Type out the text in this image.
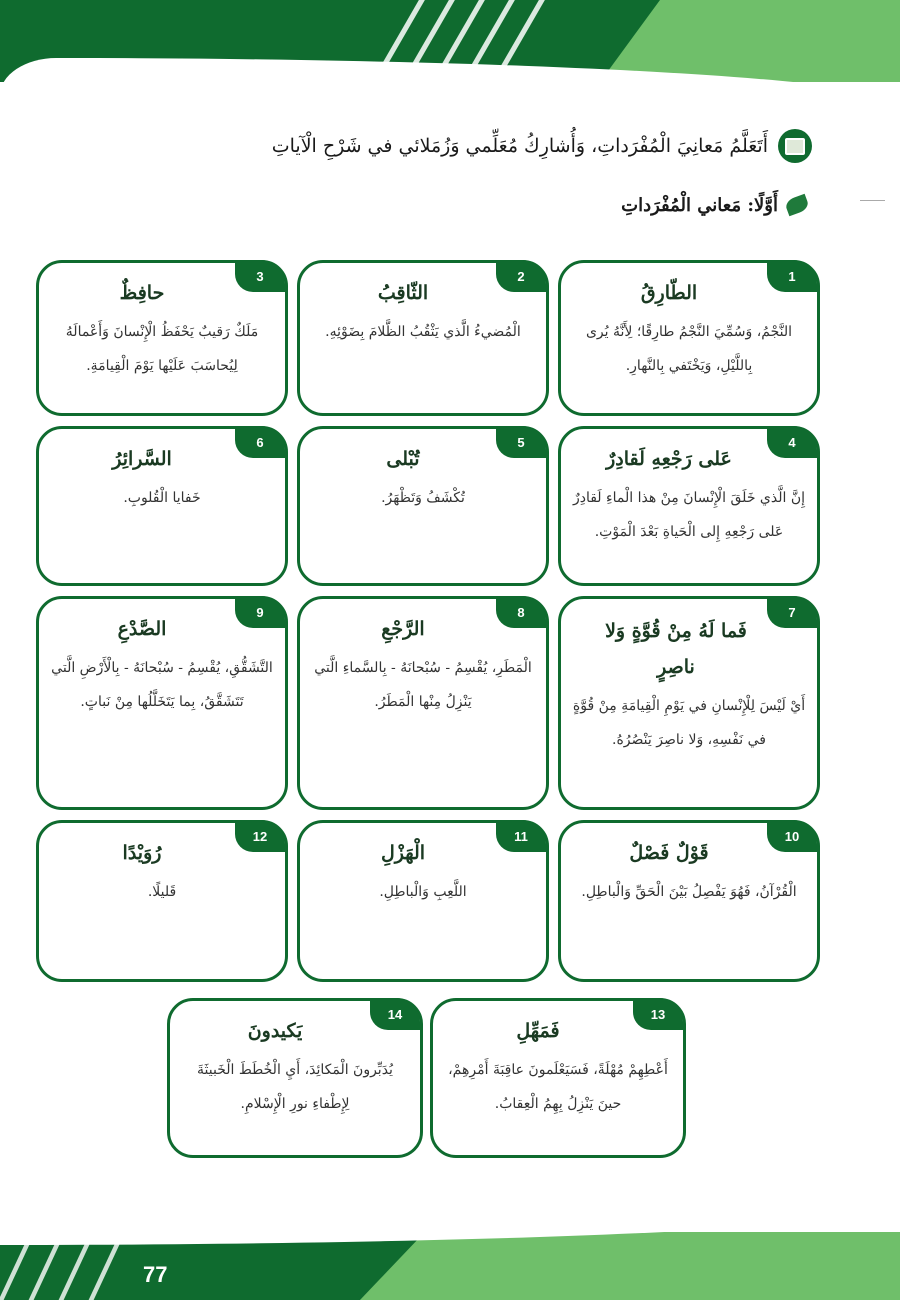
أَتَعَلَّمُ مَعانِيَ الْمُفْرَداتِ، وَأُشارِكُ مُعَلِّمي وَزُمَلائي في شَرْحِ الْآياتِ
أَوَّلًا: مَعاني الْمُفْرَداتِ
1
الطّارِقُ
النَّجْمُ، وَسُمِّيَ النَّجْمُ طارِقًا؛ لِأَنَّهُ يُرى بِاللَّيْلِ، وَيَخْتَفي بِالنَّهارِ.
2
الثّاقِبُ
الْمُضيءُ الَّذي يَثْقُبُ الظَّلامَ بِضَوْئِهِ.
3
حافِظٌ
مَلَكٌ رَقيبٌ يَحْفَظُ الْإِنْسانَ وَأَعْمالَهُ لِيُحاسَبَ عَلَيْها يَوْمَ الْقِيامَةِ.
4
عَلى رَجْعِهِ لَقادِرٌ
إِنَّ الَّذي خَلَقَ الْإِنْسانَ مِنْ هذا الْماءِ لَقادِرٌ عَلى رَجْعِهِ إِلى الْحَياةِ بَعْدَ الْمَوْتِ.
5
تُبْلى
تُكْشَفُ وَتَظْهَرُ.
6
السَّرائِرُ
خَفايا الْقُلوبِ.
7
فَما لَهُ مِنْ قُوَّةٍ وَلا ناصِرٍ
أَيْ لَيْسَ لِلْإِنْسانِ في يَوْمِ الْقِيامَةِ مِنْ قُوَّةٍ في نَفْسِهِ، وَلا ناصِرَ يَنْصُرُهُ.
8
الرَّجْعِ
الْمَطَرِ، يُقْسِمُ - سُبْحانَهُ - بِالسَّماءِ الَّتي يَنْزِلُ مِنْها الْمَطَرُ.
9
الصَّدْعِ
التَّشَقُّقِ، يُقْسِمُ - سُبْحانَهُ - بِالْأَرْضِ الَّتي تَتَشَقَّقُ، بِما يَتَخَلَّلُها مِنْ نَباتٍ.
10
قَوْلٌ فَصْلٌ
الْقُرْآنُ، فَهُوَ يَفْصِلُ بَيْنَ الْحَقِّ وَالْباطِلِ.
11
الْهَزْلِ
اللَّعِبِ وَالْباطِلِ.
12
رُوَيْدًا
قَليلًا.
13
فَمَهِّلِ
أَعْطِهِمْ مُهْلَةً، فَسَيَعْلَمونَ عاقِبَةَ أَمْرِهِمْ، حينَ يَنْزِلُ بِهِمُ الْعِقابُ.
14
يَكيدونَ
يُدَبِّرونَ الْمَكائِدَ، أَيِ الْخُطَطَ الْخَبيثَةَ لِإِطْفاءِ نورِ الْإِسْلامِ.
77
